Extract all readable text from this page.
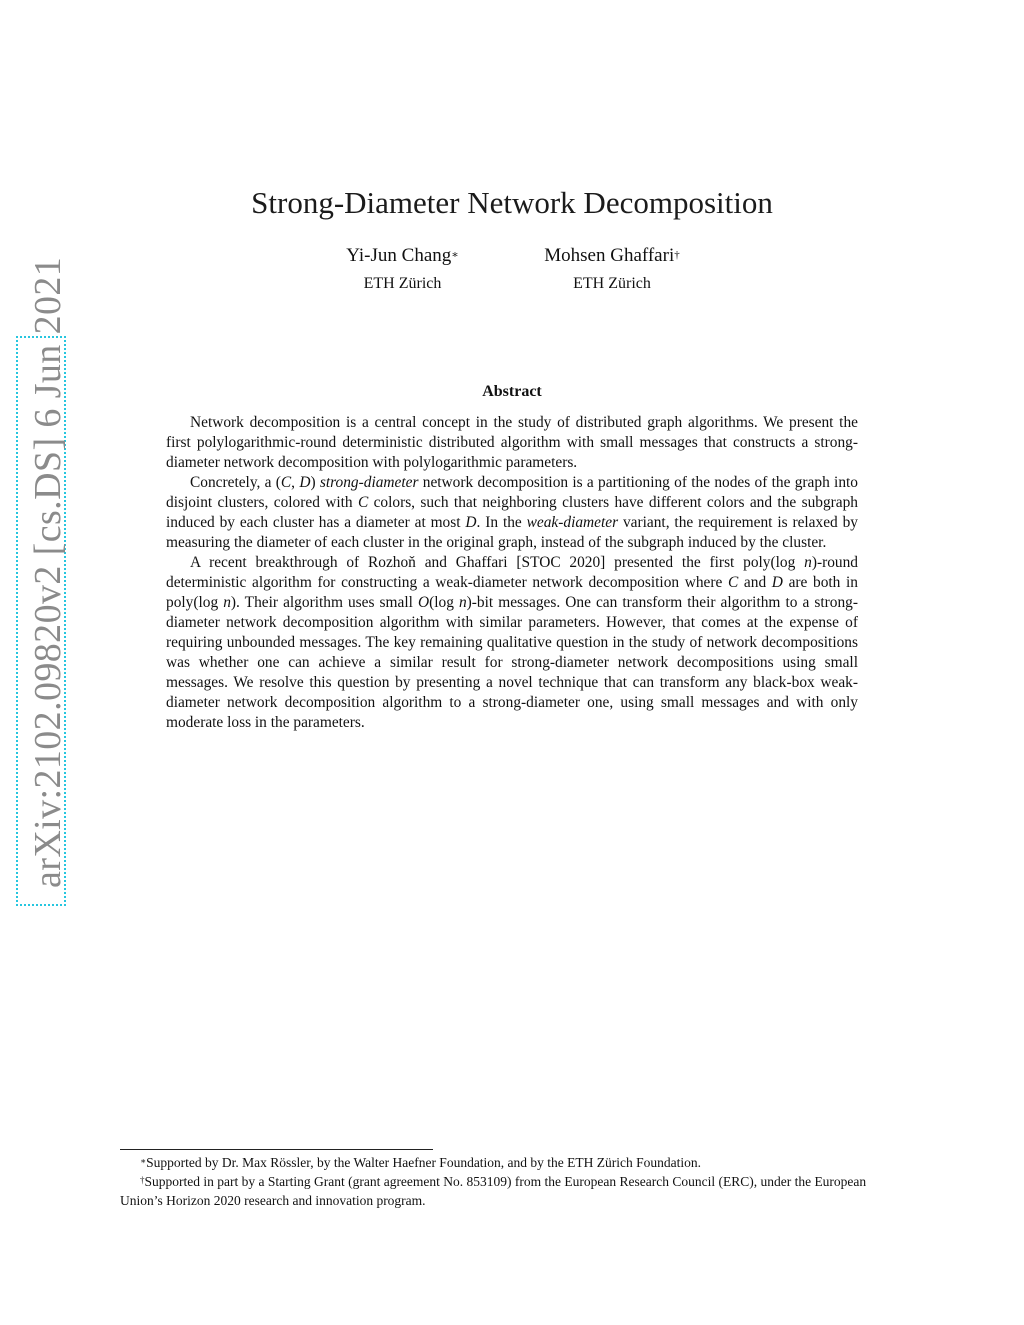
arXiv:2102.09820v2 [cs.DS] 6 Jun 2021
Strong-Diameter Network Decomposition
Yi-Jun Chang∗
ETH Zürich
Mohsen Ghaffari†
ETH Zürich
Abstract

Network decomposition is a central concept in the study of distributed graph algorithms. We present the first polylogarithmic-round deterministic distributed algorithm with small messages that constructs a strong-diameter network decomposition with polylogarithmic parameters.

Concretely, a (C, D) strong-diameter network decomposition is a partitioning of the nodes of the graph into disjoint clusters, colored with C colors, such that neighboring clusters have different colors and the subgraph induced by each cluster has a diameter at most D. In the weak-diameter variant, the requirement is relaxed by measuring the diameter of each cluster in the original graph, instead of the subgraph induced by the cluster.

A recent breakthrough of Rozhoň and Ghaffari [STOC 2020] presented the first poly(log n)-round deterministic algorithm for constructing a weak-diameter network decomposition where C and D are both in poly(log n). Their algorithm uses small O(log n)-bit messages. One can transform their algorithm to a strong-diameter network decomposition algorithm with similar parameters. However, that comes at the expense of requiring unbounded messages. The key remaining qualitative question in the study of network decompositions was whether one can achieve a similar result for strong-diameter network decompositions using small messages. We resolve this question by presenting a novel technique that can transform any black-box weak-diameter network decomposition algorithm to a strong-diameter one, using small messages and with only moderate loss in the parameters.

∗Supported by Dr. Max Rössler, by the Walter Haefner Foundation, and by the ETH Zürich Foundation.

†Supported in part by a Starting Grant (grant agreement No. 853109) from the European Research Council (ERC), under the European Union’s Horizon 2020 research and innovation program.
